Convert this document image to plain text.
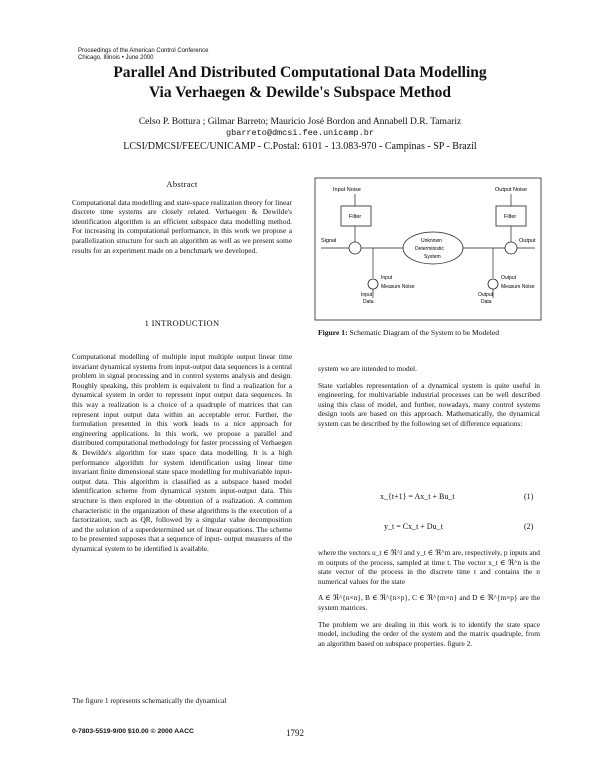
Proceedings of the American Control Conference
Chicago, Illinois • June 2000
Parallel And Distributed Computational Data Modelling
Via Verhaegen & Dewilde's Subspace Method
Celso P. Bottura ; Gilmar Barreto; Mauricio José Bordon and Annabell D.R. Tamariz
gbarreto@dmcsi.fee.unicamp.br
LCSI/DMCSI/FEEC/UNICAMP - C.Postal: 6101 - 13.083-970 - Campinas - SP - Brazil
Abstract

Computational data modelling and state-space realization theory for linear discrete time systems are closely related. Verhaegen & Dewilde's identification algorithm is an efficient subspace data modelling method. For increasing its computational performance, in this work we propose a parallelization structure for such an algorithm as well as we present some results for an experiment made on a benchmark we developed.

1 INTRODUCTION

Computational modelling of multiple input multiple output linear time invariant dynamical systems from input-output data sequences is a central problem in signal processing and in control systems analysis and design. Roughly speaking, this problem is equivalent to find a realization for a dynamical system in order to represent input output data sequences. In this way a realization is a choice of a quadruple of matrices that can represent input output data within an acceptable error. Further, the formulation presented in this work leads to a nice approach for engineering applications. In this work, we propose a parallel and distributed computational methodology for faster processing of Verhaegen & Dewilde's algorithm for state space data modelling. It is a high performance algorithm for system identification using linear time invariant finite dimensional state space modelling for multivariable input-output data. This algorithm is classified as a subspace based model identification scheme from dynamical system input-output data. This structure is then explored in the obtention of a realization. A common characteristic in the organization of these algorithms is the execution of a factorization, such as QR, followed by a singular value decomposition and the solution of a superdetermined set of linear equations. The scheme to be presented supposes that a sequence of input- output measures of the dynamical system to be identified is available.

The figure 1 represents schematically the dynamical
Input Noise	Output Noise
Filter	Filter
Signal	Unknown
Deterministic
System
Output
Input
Measure Noise
Output
Measure Noise
Input
Data
Output
Data
Figure 1: Schematic Diagram of the System to be Modeled

system we are intended to model.

State variables representation of a dynamical system is quite useful in engineering, for multivariable industrial processes can be well described using this class of model, and further, nowadays, many control systems design tools are based on this approach. Mathematically, the dynamical system can be described by the following set of difference equations:

x_{t+1} = Ax_t + Bu_t	(1)
y_t = Cx_t + Du_t	(2)

where the vectors u_t ∈ ℜ^l and y_t ∈ ℜ^m are, respectively, p inputs and m outputs of the process, sampled at time t. The vector x_t ∈ ℜ^n is the state vector of the process in the discrete time t and contains the n numerical values for the state

A ∈ ℜ^{n×n}, B ∈ ℜ^{n×p}, C ∈ ℜ^{m×n} and D ∈ ℜ^{m×p} are the system matrices.

The problem we are dealing in this work is to identify the state space model, including the order of the system and the matrix quadruple, from an algorithm based on subspace properties. figure 2.

0-7803-5519-9/00 $10.00 © 2000 AACC	1792
